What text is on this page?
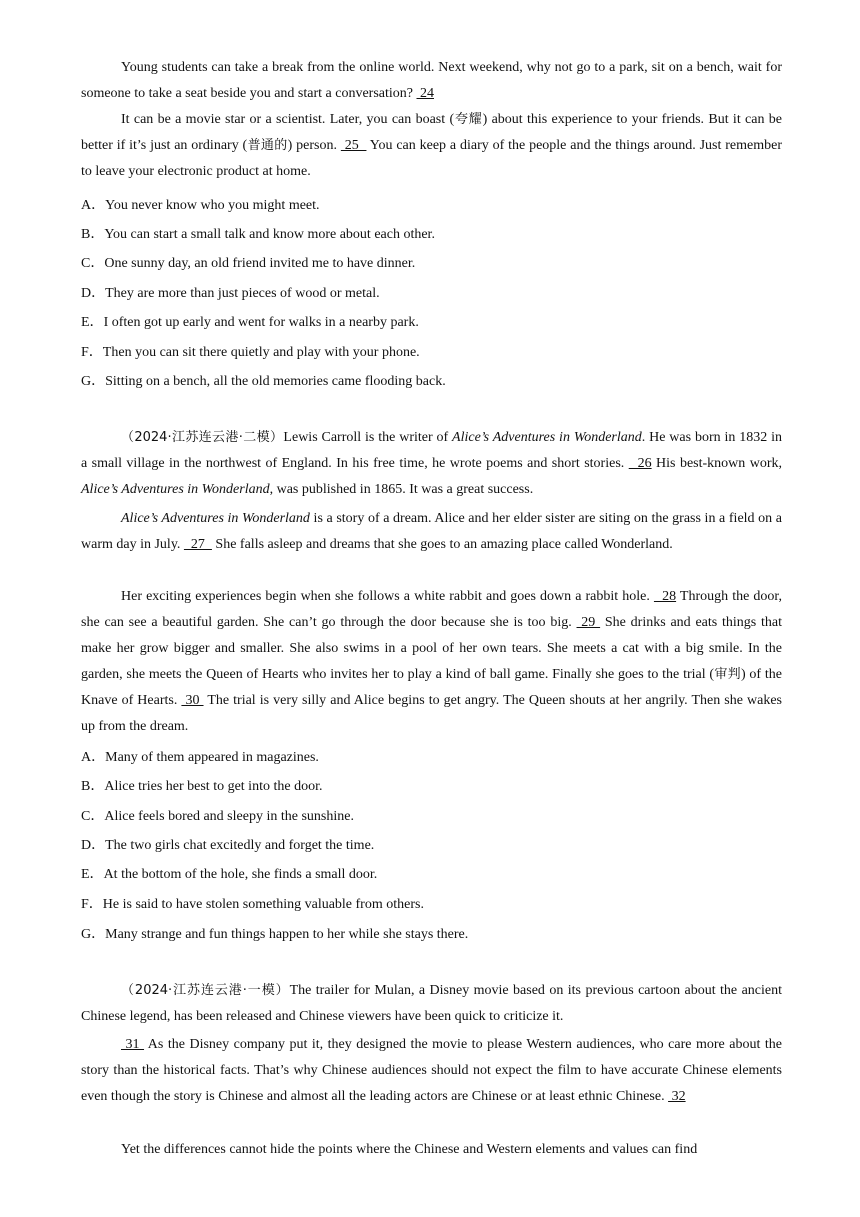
Young students can take a break from the online world. Next weekend, why not go to a park, sit on a bench, wait for someone to take a seat beside you and start a conversation?  24

It can be a movie star or a scientist. Later, you can boast (夸耀) about this experience to your friends. But it can be better if it’s just an ordinary (普通的) person.  25   You can keep a diary of the people and the things around. Just remember to leave your electronic product at home.

A．You never know who you might meet.
B．You can start a small talk and know more about each other.
C．One sunny day, an old friend invited me to have dinner.
D．They are more than just pieces of wood or metal.
E．I often got up early and went for walks in a nearby park.
F．Then you can sit there quietly and play with your phone.
G．Sitting on a bench, all the old memories came flooding back.

（2024·江苏连云港·二模）Lewis Carroll is the writer of Alice’s Adventures in Wonderland. He was born in 1832 in a small village in the northwest of England. In his free time, he wrote poems and short stories.   26 His best-known work, Alice’s Adventures in Wonderland, was published in 1865. It was a great success.

Alice’s Adventures in Wonderland is a story of a dream. Alice and her elder sister are siting on the grass in a field on a warm day in July.   27   She falls asleep and dreams that she goes to an amazing place called Wonderland.

Her exciting experiences begin when she follows a white rabbit and goes down a rabbit hole.   28 Through the door, she can see a beautiful garden. She can’t go through the door because she is too big.  29  She drinks and eats things that make her grow bigger and smaller. She also swims in a pool of her own tears. She meets a cat with a big smile. In the garden, she meets the Queen of Hearts who invites her to play a kind of ball game. Finally she goes to the trial (审判) of the Knave of Hearts.  30  The trial is very silly and Alice begins to get angry. The Queen shouts at her angrily. Then she wakes up from the dream.

A．Many of them appeared in magazines.
B．Alice tries her best to get into the door.
C．Alice feels bored and sleepy in the sunshine.
D．The two girls chat excitedly and forget the time.
E．At the bottom of the hole, she finds a small door.
F．He is said to have stolen something valuable from others.
G．Many strange and fun things happen to her while she stays there.

（2024·江苏连云港·一模）The trailer for Mulan, a Disney movie based on its previous cartoon about the ancient Chinese legend, has been released and Chinese viewers have been quick to criticize it.

31  As the Disney company put it, they designed the movie to please Western audiences, who care more about the story than the historical facts. That’s why Chinese audiences should not expect the film to have accurate Chinese elements even though the story is Chinese and almost all the leading actors are Chinese or at least ethnic Chinese.  32

Yet the differences cannot hide the points where the Chinese and Western elements and values can find
